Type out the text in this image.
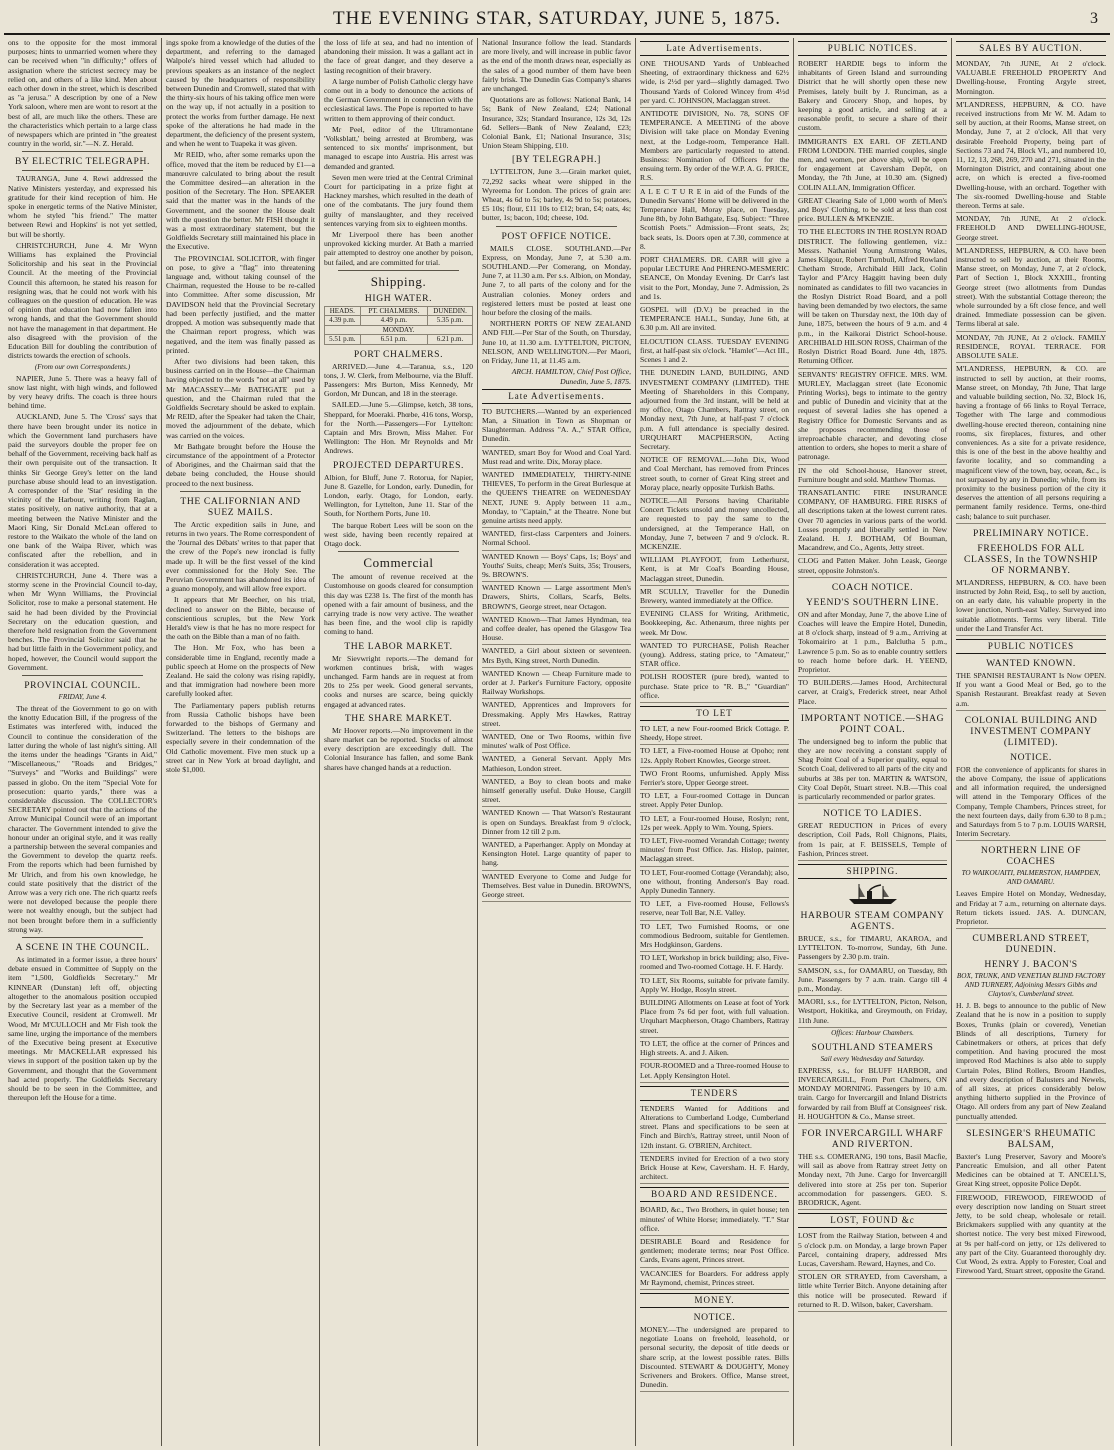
THE EVENING STAR, SATURDAY, JUNE 5, 1875.	3

ons to the opposite for the most immoral purposes; hints to unmarried women where they can be received when "in difficulty;" offers of assignation where the strictest secrecy may be relied on, and others of a like kind. Men about each other down in the street, which is described as "a jerusa." A description by one of a New York saloon, where men are wont to resort at the best of all, are much like the others. These are the characteristics which pertain to a large class of newspapers which are printed in "the greatest country in the world, sir."—N. Z. Herald.

BY ELECTRIC TELEGRAPH.

TAURANGA, June 4. Rewi addressed the Native Ministers yesterday, and expressed his gratitude for their kind reception of him. He spoke in energetic terms of the Native Minister, whom he styled "his friend." The matter between Rewi and Hopkins' is not yet settled, but will be shortly.

CHRISTCHURCH, June 4. Mr Wynn Williams has explained the Provincial Solicitorship and his seat in the Provincial Council. At the meeting of the Provincial Council this afternoon, he stated his reason for resigning was, that he could not work with his colleagues on the question of education. He was of opinion that education had now fallen into wrong hands, and that the Government should not have the management in that department. He also disagreed with the provision of the Education Bill for doubling the contribution of districts towards the erection of schools.

(From our own Correspondents.)

NAPIER, June 5. There was a heavy fall of snow last night, with high winds, and followed by very heavy drifts. The coach is three hours behind time.

AUCKLAND, June 5. The 'Cross' says that there have been brought under its notice in which the Government land purchasers have paid the surveyors double the proper fee on behalf of the Government, receiving back half as their own perquisite out of the transaction. It thinks Sir George Grey's letter on the land purchase abuse should lead to an investigation. A corresponder of the 'Star' residing in the vicinity of the Harbour, writing from Raglan, states positively, on native authority, that at a meeting between the Native Minister and the Maori King, Sir Donald McLean offered to restore to the Waikato the whole of the land on one bank of the Waipa River, which was confiscated after the rebellion, and in consideration it was accepted.

CHRISTCHURCH, June 4. There was a stormy scene in the Provincial Council to-day, when Mr Wynn Williams, the Provincial Solicitor, rose to make a personal statement. He said he had been divided by the Provincial Secretary on the education question, and therefore held resignation from the Government benches. The Provincial Solicitor said that he had but little faith in the Government policy, and hoped, however, the Council would support the Government.

PROVINCIAL COUNCIL.
FRIDAY, June 4.

The threat of the Government to go on with the knotty Education Bill, if the progress of the Estimates was interfered with, induced the Council to continue the consideration of the latter during the whole of last night's sitting. All the items under the headings "Grants in Aid," "Miscellaneous," "Roads and Bridges," "Surveys" and "Works and Buildings" were passed in globo. On the item "Special Vote for prosecution: quarto yards," there was a considerable discussion. The COLLECTOR's SECRETARY pointed out that the actions of the Arrow Municipal Council were of an important character. The Government intended to give the honour under an original style, and it was really a partnership between the several companies and the Government to develop the quartz reefs. From the reports which had been furnished by Mr Ulrich, and from his own knowledge, he could state positively that the district of the Arrow was a very rich one. The rich quartz reefs were not developed because the people there were not wealthy enough, but the subject had not been brought before them in a sufficiently strong way.

A SCENE IN THE COUNCIL.

As intimated in a former issue, a three hours' debate ensued in Committee of Supply on the item "1,500, Goldfields Secretary." Mr KINNEAR (Dunstan) left off, objecting altogether to the anomalous position occupied by the Secretary last year as a member of the Executive Council, resident at Cromwell. Mr Wood, Mr M'CULLOCH and Mr Fish took the same line, urging the importance of the members of the Executive being present at Executive meetings. Mr MACKELLAR expressed his views in support of the position taken up by the Government, and thought that the Government had acted properly. The Goldfields Secretary should be to be seen in the Committee, and thereupon left the House for a time.

ings spoke from a knowledge of the duties of the department, and referring to the damaged Walpole's hired vessel which had alluded to previous speakers as an instance of the neglect caused by the headquarters of responsibility between Dunedin and Cromwell, stated that with the thirty-six hours of his taking office men were on the way up, if not actually in a position to protect the works from further damage. He next spoke of the alterations he had made in the department, the deficiency of the present system, and when he went to Tuapeka it was given.

Mr REID, who, after some remarks upon the office, moved that the item be reduced by £1—a manœuvre calculated to bring about the result the Committee desired—an alteration in the position of the Secretary. The Hon. SPEAKER said that the matter was in the hands of the Government, and the sooner the House dealt with the question the better. Mr FISH thought it was a most extraordinary statement, but the Goldfields Secretary still maintained his place in the Executive.

The PROVINCIAL SOLICITOR, with finger on pose, to give a "flag" into threatening language and, without taking counsel of the Chairman, requested the House to be re-called into Committee. After some discussion, Mr DAVIDSON held that the Provincial Secretary had been perfectly justified, and the matter dropped. A motion was subsequently made that the Chairman report progress, which was negatived, and the item was finally passed as printed.

After two divisions had been taken, this business carried on in the House—the Chairman having objected to the words "not at all" used by Mr MACASSEY—Mr BATHGATE put a question, and the Chairman ruled that the Goldfields Secretary should be asked to explain. Mr REID, after the Speaker had taken the Chair, moved the adjournment of the debate, which was carried on the voices.

Mr Bathgate brought before the House the circumstance of the appointment of a Protector of Aborigines, and the Chairman said that the debate being concluded, the House should proceed to the next business.

THE CALIFORNIAN AND SUEZ MAILS.

The Arctic expedition sails in June, and returns in two years. The Rome correspondent of the 'Journal des Débats' writes to that paper that the crew of the Pope's new ironclad is fully made up. It will be the first vessel of the kind ever commissioned for the Holy See. The Peruvian Government has abandoned its idea of a guano monopoly, and will allow free export.

It appears that Mr Beecher, on his trial, declined to answer on the Bible, because of conscientious scruples, but the New York Herald's view is that he has no more respect for the oath on the Bible than a man of no faith.

The Hon. Mr Fox, who has been a considerable time in England, recently made a public speech at Home on the prospects of New Zealand. He said the colony was rising rapidly, and that immigration had nowhere been more carefully looked after.

The Parliamentary papers publish returns from Russia Catholic bishops have been forwarded to the bishops of Germany and Switzerland. The letters to the bishops are especially severe in their condemnation of the Old Catholic movement. Five men stuck up a street car in New York at broad daylight, and stole $1,000.

the loss of life at sea, and had no intention of abandoning their mission. It was a gallant act in the face of great danger, and they deserve a lasting recognition of their bravery.

A large number of Polish Catholic clergy have come out in a body to denounce the actions of the German Government in connection with the ecclesiastical laws. The Pope is reported to have written to them approving of their conduct.

Mr Peel, editor of the Ultramontane 'Volksblatt,' being arrested at Bromberg, was sentenced to six months' imprisonment, but managed to escape into Austria. His arrest was demanded and granted.

Seven men were tried at the Central Criminal Court for participating in a prize fight at Hackney marshes, which resulted in the death of one of the combatants. The jury found them guilty of manslaughter, and they received sentences varying from six to eighteen months.

Mr Liverpool there has been another unprovoked kicking murder. At Bath a married pair attempted to destroy one another by poison, but failed, and are committed for trial.

Shipping.
HIGH WATER.
HEADS.	PT. CHALMERS.	DUNEDIN.
4.39 p.m.	4.49 p.m.	5.35 p.m.
MONDAY.		
5.51 p.m.	6.51 p.m.	6.21 p.m.
PORT CHALMERS.

ARRIVED.—June 4.—Taranua, s.s., 120 tons, J. W. Clerk, from Melbourne, via the Bluff. Passengers: Mrs Burton, Miss Kennedy, Mr Gordon, Mr Duncan, and 18 in the steerage.

SAILED.—June 5.—Glimpse, ketch, 38 tons, Sheppard, for Moeraki. Phœbe, 416 tons, Worsp, for the North.—Passengers—For Lyttelton: Captain and Mrs Brown, Miss Maher. For Wellington: The Hon. Mr Reynolds and Mr Andrews.

PROJECTED DEPARTURES.

Albion, for Bluff, June 7. Rotorua, for Napier, June 8. Gazelle, for London, early. Dunedin, for London, early. Otago, for London, early. Wellington, for Lyttelton, June 11. Star of the South, for Northern Ports, June 10.

The barque Robert Lees will be soon on the west side, having been recently repaired at Otago dock.

Commercial

The amount of revenue received at the Customhouse on goods cleared for consumption this day was £238 1s. The first of the month has opened with a fair amount of business, and the carrying trade is now very active. The weather has been fine, and the wool clip is rapidly coming to hand.

THE LABOR MARKET.

Mr Sievwright reports.—The demand for workmen continues brisk, with wages unchanged. Farm hands are in request at from 20s to 25s per week. Good general servants, cooks and nurses are scarce, being quickly engaged at advanced rates.

THE SHARE MARKET.

Mr Hoover reports.—No improvement in the share market can be reported. Stocks of almost every description are exceedingly dull. The Colonial Insurance has fallen, and some Bank shares have changed hands at a reduction.

National Insurance follow the lead. Standards are more lively, and will increase in public favor as the end of the month draws near, especially as the sales of a good number of them have been fairly brisk. The Dunedin Gas Company's shares are unchanged.

Quotations are as follows: National Bank, 14 5s; Bank of New Zealand, £24; National Insurance, 32s; Standard Insurance, 12s 3d, 12s 6d. Sellers—Bank of New Zealand, £23; Colonial Bank, £1; National Insurance, 31s; Union Steam Shipping, £10.

[BY TELEGRAPH.]

LYTTELTON, June 3.—Grain market quiet, 72,292 sacks wheat were shipped in the Wyreema for London. The prices of grain are: Wheat, 4s 6d to 5s; barley, 4s 9d to 5s; potatoes, £5 10s; flour, £11 10s to £12; bran, £4; oats, 4s; butter, 1s; bacon, 10d; cheese, 10d.

POST OFFICE NOTICE.

MAILS CLOSE. SOUTHLAND.—Per Express, on Monday, June 7, at 5.30 a.m. SOUTHLAND.—Per Comerang, on Monday, June 7, at 11.30 a.m. Per s.s. Albion, on Monday, June 7, to all parts of the colony and for the Australian colonies. Money orders and registered letters must be posted at least one hour before the closing of the mails.

NORTHERN PORTS OF NEW ZEALAND AND FIJI.—Per Star of the South, on Thursday, June 10, at 11.30 a.m. LYTTELTON, PICTON, NELSON, AND WELLINGTON.—Per Maori, on Friday, June 11, at 11.45 a.m.

ARCH. HAMILTON, Chief Post Office, Dunedin, June 5, 1875.

Late Advertisements.
TO BUTCHERS.—Wanted by an experienced Man, a Situation in Town as Shopman or Slaughterman. Address "A. A.," STAR Office, Dunedin.
WANTED, smart Boy for Wood and Coal Yard. Must read and write. Dix, Moray place.
WANTED IMMEDIATELY, THIRTY-NINE THIEVES, To perform in the Great Burlesque at the QUEEN'S THEATRE on WEDNESDAY NEXT, JUNE 9. Apply between 11 a.m., Monday, to "Captain," at the Theatre. None but genuine artists need apply.
WANTED, first-class Carpenters and Joiners. Normal School.
WANTED Known — Boys' Caps, 1s; Boys' and Youths' Suits, cheap; Men's Suits, 35s; Trousers, 9s. BROWN'S.
WANTED Known — Large assortment Men's Drawers, Shirts, Collars, Scarfs, Belts. BROWN'S, George street, near Octagon.
WANTED Known—That James Hyndman, tea and coffee dealer, has opened the Glasgow Tea House.
WANTED, a Girl about sixteen or seventeen. Mrs Byth, King street, North Dunedin.
WANTED Known — Cheap Furniture made to order at J. Parker's Furniture Factory, opposite Railway Workshops.
WANTED, Apprentices and Improvers for Dressmaking. Apply Mrs Hawkes, Rattray street.
WANTED, One or Two Rooms, within five minutes' walk of Post Office.
WANTED, a General Servant. Apply Mrs Mathieson, London street.
WANTED, a Boy to clean boots and make himself generally useful. Duke House, Cargill street.
WANTED Known — That Watson's Restaurant is open on Sundays. Breakfast from 9 o'clock, Dinner from 12 till 2 p.m.
WANTED, a Paperhanger. Apply on Monday at Kensington Hotel. Large quantity of paper to hang.
WANTED Everyone to Come and Judge for Themselves. Best value in Dunedin. BROWN'S, George street.
Late Advertisements.
ONE THOUSAND Yards of Unbleached Sheeting, of extraordinary thickness and 62½ wide, is 2½d per yard—slightly damaged. Two Thousand Yards of Colored Wincey from 4½d per yard. C. JOHNSON, Maclaggan street.
ANTIDOTE DIVISION, No. 78, SONS OF TEMPERANCE. A MEETING of the above Division will take place on Monday Evening next, at the Lodge-room, Temperance Hall. Members are particularly requested to attend. Business: Nomination of Officers for the ensuing term. By order of the W.P. A. G. PRICE, R.S.
A L E C T U R E in aid of the Funds of the Dunedin Servants' Home will be delivered in the Temperance Hall, Moray place, on Tuesday, June 8th, by John Bathgate, Esq. Subject: "Three Scottish Poets." Admission—Front seats, 2s; back seats, 1s. Doors open at 7.30, commence at 8.
PORT CHALMERS. DR. CARR will give a popular LECTURE And PHRENO-MESMERIC SEANCE, On Monday Evening. Dr Carr's last visit to the Port, Monday, June 7. Admission, 2s and 1s.
GOSPEL will (D.V.) be preached in the TEMPERANCE HALL, Sunday, June 6th, at 6.30 p.m. All are invited.
ELOCUTION CLASS. TUESDAY EVENING first, at half-past six o'clock. "Hamlet"—Act III., Scenes 1 and 2.
THE DUNEDIN LAND, BUILDING, AND INVESTMENT COMPANY (LIMITED). THE Meeting of Shareholders in this Company, adjourned from the 3rd instant, will be held at my office, Otago Chambers, Rattray street, on Monday next, 7th June, at half-past 7 o'clock p.m. A full attendance is specially desired. URQUHART MACPHERSON, Acting Secretary.
NOTICE OF REMOVAL.—John Dix, Wood and Coal Merchant, has removed from Princes street south, to corner of Great King street and Moray place, nearly opposite Turkish Baths.
NOTICE.—All Persons having Charitable Concert Tickets unsold and money uncollected, are requested to pay the same to the undersigned, at the Temperance Hall, on Monday, June 7, between 7 and 9 o'clock. R. MCKENZIE.
WILLIAM PLAYFOOT, from Letherhurst, Kent, is at Mr Coal's Boarding House, Maclaggan street, Dunedin.
MR SCULLY, Traveller for the Dunedin Brewery, wanted immediately at the Office.
EVENING CLASS for Writing, Arithmetic, Bookkeeping, &c. Athenæum, three nights per week. Mr Dow.
WANTED TO PURCHASE, Polish Reacher (young). Address, stating price, to "Amateur," STAR office.
POLISH ROOSTER (pure bred), wanted to purchase. State price to "R. B.," "Guardian" office.
TO LET
TO LET, a new Four-roomed Brick Cottage. P. Sheedy, Hope street.
TO LET, a Five-roomed House at Opoho; rent 12s. Apply Robert Knowles, George street.
TWO Front Rooms, unfurnished. Apply Miss Ferrier's store, Upper George street.
TO LET, a Four-roomed Cottage in Duncan street. Apply Peter Dunlop.
TO LET, a Four-roomed House, Roslyn; rent, 12s per week. Apply to Wm. Young, Spiers.
TO LET, Five-roomed Verandah Cottage; twenty minutes' from Post Office. Jas. Hislop, painter, Maclaggan street.
TO LET, Four-roomed Cottage (Verandah); also, one without, fronting Anderson's Bay road. Apply Dunedin Tannery.
TO LET, a Five-roomed House, Fellows's reserve, near Toll Bar, N.E. Valley.
TO LET, Two Furnished Rooms, or one commodious Bedroom, suitable for Gentlemen. Mrs Hodgkinson, Gardens.
TO LET, Workshop in brick building; also, Five-roomed and Two-roomed Cottage. H. F. Hardy.
TO LET, Six Rooms, suitable for private family. Apply W. Hodge, Rosyln street.
BUILDING Allotments on Lease at foot of York Place from 7s 6d per foot, with full valuation. Urquhart Macpherson, Otago Chambers, Rattray street.
TO LET, the office at the corner of Princes and High streets. A. and J. Aiken.
FOUR-ROOMED and a Three-roomed House to Let. Apply Kensington Hotel.
TENDERS
TENDERS Wanted for Additions and Alterations to Cumberland Lodge, Cumberland street. Plans and specifications to be seen at Finch and Birch's, Rattray street, until Noon of 12th instant. G. O'BRIEN, Architect.
TENDERS invited for Erection of a two story Brick House at Kew, Caversham. H. F. Hardy, architect.
BOARD AND RESIDENCE.
BOARD, &c., Two Brothers, in quiet house; ten minutes' of White Horse; immediately. "T." Star office.
DESIRABLE Board and Residence for gentlemen; moderate terms; near Post Office. Cards, Evans agent, Princes street.
VACANCIES for Boarders. For address apply Mr Raymond, chemist, Princes street.
MONEY.
NOTICE.
MONEY.—The undersigned are prepared to negotiate Loans on freehold, leasehold, or personal security, the deposit of title deeds or share scrip, at the lowest possible rates. Bills Discounted. STEWART & DOUGHTY, Money Scriveners and Brokers. Office, Manse street, Dunedin.
PUBLIC NOTICES.
ROBERT HARDIE begs to inform the inhabitants of Green Island and surrounding District that he will shortly open these new Premises, lately built by J. Runciman, as a Bakery and Grocery Shop, and hopes, by keeping a good article, and selling at a reasonable profit, to secure a share of their custom.
IMMIGRANTS EX EARL OF ZETLAND FROM LONDON. THE married couples, single men, and women, per above ship, will be open for engagement at Caversham Depôt, on Monday, the 7th June, at 10.30 am. (Signed) COLIN ALLAN, Immigration Officer.
GREAT Clearing Sale of 1,000 worth of Men's and Boys' Clothing, to be sold at less than cost price. BULLEN & M'KENZIE.
TO THE ELECTORS IN THE ROSLYN ROAD DISTRICT. The following gentlemen, viz.: Messrs. Nathaniel Young Armstrong Wales, James Kilgour, Robert Turnbull, Alfred Rowland Chetham Strode, Archibald Hill Jack, Colin Taylor and P'Arcy Haggitt having been duly nominated as candidates to fill two vacancies in the Roslyn District Road Board, and a poll having been demanded by two electors, the same will be taken on Thursday next, the 10th day of June, 1875, between the hours of 9 a.m. and 4 p.m., in the Kaikorai District School-house. ARCHIBALD HILSON ROSS, Chairman of the Roslyn District Road Board. June 4th, 1875. Returning Officer.
SERVANTS' REGISTRY OFFICE. MRS. WM. MURLEY, Maclaggan street (late Economic Printing Works), begs to intimate to the gentry and public of Dunedin and vicinity that at the request of several ladies she has opened a Registry Office for Domestic Servants and as she proposes recommending those of irreproachable character, and devoting close attention to orders, she hopes to merit a share of patronage.
IN the old School-house, Hanover street, Furniture bought and sold. Matthew Thomas.
TRANSATLANTIC FIRE INSURANCE COMPANY, OF HAMBURG. FIRE RISKS of all descriptions taken at the lowest current rates. Over 70 agencies in various parts of the world. Losses promptly and liberally settled in New Zealand. H. J. BOTHAM, Of Bouman, Macandrew, and Co., Agents, Jetty street.
CLOG and Patten Maker. John Leask, George street, opposite Johnston's.
COACH NOTICE.
YEEND'S SOUTHERN LINE.
ON and after Monday, June 7, the above Line of Coaches will leave the Empire Hotel, Dunedin, at 8 o'clock sharp, instead of 9 a.m., Arriving at Tokomairiro at 1 p.m., Balclutha 5 p.m., Lawrence 5 p.m. So as to enable country settlers to reach home before dark. H. YEEND, Proprietor.
TO BUILDERS.—James Hood, Architectural carver, at Craig's, Frederick street, near Athol Place.
IMPORTANT NOTICE.—SHAG POINT COAL.
The undersigned beg to inform the public that they are now receiving a constant supply of Shag Point Coal of a Superior quality, equal to Scotch Coal, delivered to all parts of the city and suburbs at 38s per ton. MARTIN & WATSON, City Coal Depôt, Stuart street. N.B.—This coal is particularly recommended or parlor grates.
NOTICE TO LADIES.
GREAT REDUCTION in Prices of every description, Coil Pads, Roll Chignons, Plaits, from 1s pair, at F. BEISSELS, Temple of Fashion, Princes street.
SHIPPING.
HARBOUR STEAM COMPANY AGENTS.
BRUCE, s.s., for TIMARU, AKAROA, and LYTTELTON. To-morrow, Sunday, 6th June. Passengers by 2.30 p.m. train.
SAMSON, s.s., for OAMARU, on Tuesday, 8th June. Passengers by 7 a.m. train. Cargo till 4 p.m., Monday.
MAORI, s.s., for LYTTELTON, Picton, Nelson, Westport, Hokitika, and Greymouth, on Friday, 11th June.
Offices: Harbour Chambers.
SOUTHLAND STEAMERS
Sail every Wednesday and Saturday.
EXPRESS, s.s., for BLUFF HARBOR, and INVERCARGILL, From Port Chalmers, ON MONDAY MORNING. Passengers by 10 a.m. train. Cargo for Invercargill and Inland Districts forwarded by rail from Bluff at Consignees' risk. H. HOUGHTON & Co., Manse street.
FOR INVERCARGILL WHARF AND RIVERTON.
THE s.s. COMERANG, 190 tons, Basil Macfie, will sail as above from Rattray street Jetty on Monday next, 7th June. Cargo for Invercargill delivered into store at 25s per ton. Superior accommodation for passengers. GEO. S. BRODRICK, Agent.
LOST, FOUND &c
LOST from the Railway Station, between 4 and 5 o'clock p.m. on Monday, a large brown Paper Parcel, containing drapery, addressed Mrs Lucas, Caversham. Reward, Haynes, and Co.
STOLEN OR STRAYED, from Caversham, a little white Terrier Bitch. Anyone detaining after this notice will be prosecuted. Reward if returned to R. D. Wilson, baker, Caversham.
SALES BY AUCTION.
MONDAY, 7th JUNE, At 2 o'clock. VALUABLE FREEHOLD PROPERTY And Dwelling-house, Fronting Argyle street, Mornington.
M'LANDRESS, HEPBURN, & CO. have received instructions from Mr W. M. Adam to sell by auction, at their Rooms, Manse street, on Monday, June 7, at 2 o'clock, All that very desirable Freehold Property, being part of Sections 73 and 74, Block VI., and numbered 10, 11, 12, 13, 268, 269, 270 and 271, situated in the Mornington District, and containing about one acre, on which is erected a five-roomed Dwelling-house, with an orchard. Together with The six-roomed Dwelling-house and Stable thereon. Terms at sale.
MONDAY, 7th JUNE, At 2 o'clock. FREEHOLD AND DWELLING-HOUSE, George street.
M'LANDRESS, HEPBURN, & CO. have been instructed to sell by auction, at their Rooms, Manse street, on Monday, June 7, at 2 o'clock, Part of Section 1, Block XXXIII., fronting George street (two allotments from Dundas street). With the substantial Cottage thereon; the whole surrounded by a 6ft close fence, and well drained. Immediate possession can be given. Terms liberal at sale.
MONDAY, 7th JUNE, At 2 o'clock. FAMILY RESIDENCE, ROYAL TERRACE. FOR ABSOLUTE SALE.
M'LANDRESS, HEPBURN, & CO. are instructed to sell by auction, at their rooms, Manse street, on Monday, 7th June, That large and valuable building section, No. 32, Block 16, having a frontage of 66 links to Royal Terrace, Together with The large and commodious dwelling-house erected thereon, containing nine rooms, six fireplaces, fixtures, and other conveniences. As a site for a private residence, this is one of the best in the above healthy and favorite locality, and so commanding a magnificent view of the town, bay, ocean, &c., is not surpassed by any in Dunedin; while, from its proximity to the business portion of the city it deserves the attention of all persons requiring a permanent family residence. Terms, one-third cash; balance to suit purchaser.
PRELIMINARY NOTICE.
FREEHOLDS FOR ALL CLASSES, In the TOWNSHIP OF NORMANBY.
M'LANDRESS, HEPBURN, & CO. have been instructed by John Reid, Esq., to sell by auction, on an early date, his valuable property in the lower junction, North-east Valley. Surveyed into suitable allotments. Terms very liberal. Title under the Land Transfer Act.
PUBLIC NOTICES
WANTED KNOWN.
THE SPANISH RESTAURANT Is Now OPEN. If you want a Good Meal or Bed, go to the Spanish Restaurant. Breakfast ready at Seven a.m.
COLONIAL BUILDING AND INVESTMENT COMPANY (LIMITED).
NOTICE.
FOR the convenience of applicants for shares in the above Company, the issue of applications and all information required, the undersigned will attend in the Temporary Offices of the Company, Temple Chambers, Princes street, for the next fourteen days, daily from 6.30 to 8 p.m.; and Saturdays from 5 to 7 p.m. LOUIS WARSH, Interim Secretary.
NORTHERN LINE OF COACHES
TO WAIKOUAITI, PALMERSTON, HAMPDEN, AND OAMARU.
Leaves Empire Hotel on Monday, Wednesday, and Friday at 7 a.m., returning on alternate days. Return tickets issued. JAS. A. DUNCAN, Proprietor.
CUMBERLAND STREET, DUNEDIN.
HENRY J. BACON'S
BOX, TRUNK, AND VENETIAN BLIND FACTORY AND TURNERY, Adjoining Messrs Gibbs and Clayton's, Cumberland street.
H. J. B. begs to announce to the public of New Zealand that he is now in a position to supply Boxes, Trunks (plain or covered), Venetian Blinds of all descriptions, Turnery for Cabinetmakers or others, at prices that defy competition. And having procured the most improved Rod Machines is also able to supply Curtain Poles, Blind Rollers, Broom Handles, and every description of Balusters and Newels, of all sizes, at prices considerably below anything hitherto supplied in the Province of Otago. All orders from any part of New Zealand punctually attended.
SLESINGER'S RHEUMATIC BALSAM,
Baxter's Lung Preserver, Savory and Moore's Pancreatic Emulsion, and all other Patent Medicines can be obtained at T. ANCELL'S, Great King street, opposite Police Depôt.
FIREWOOD, FIREWOOD, FIREWOOD of every description now landing on Stuart street Jetty, to be sold cheap, wholesale or retail. Brickmakers supplied with any quantity at the shortest notice. The very best mixed Firewood, at 9s per half-cord on jetty, or 12s delivered to any part of the City. Guaranteed thoroughly dry. Cut Wood, 2s extra. Apply to Forester, Coal and Firewood Yard, Stuart street, opposite the Grand.
